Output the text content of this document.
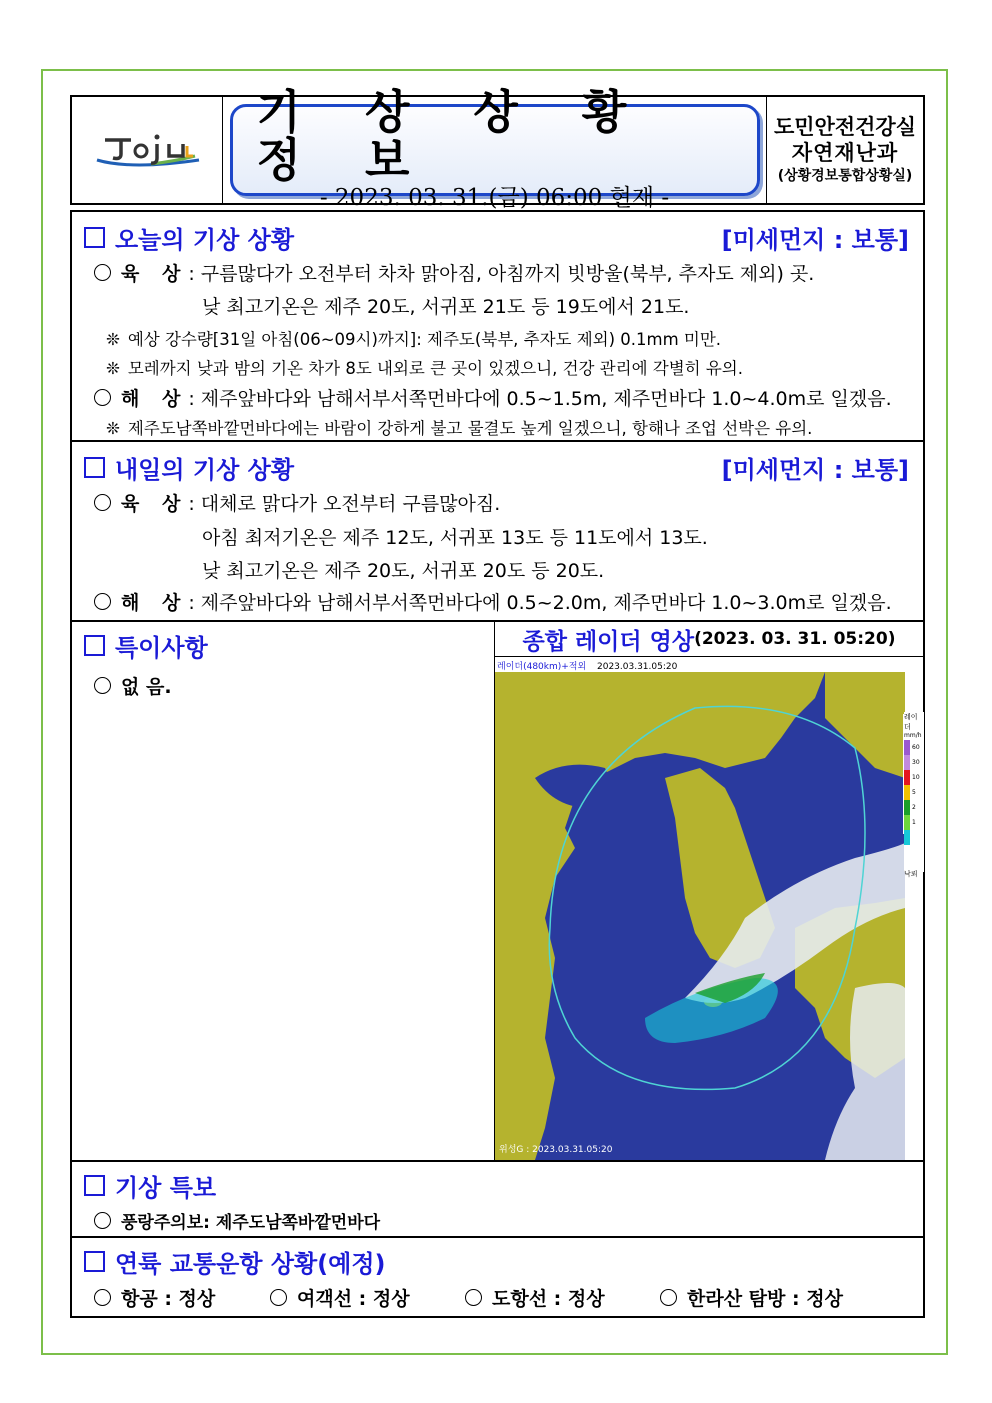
기 상 상 황 정 보
- 2023. 03. 31.(금) 06:00 현재 -
도민안전건강실
자연재난과
(상황경보통합상황실)
오늘의 기상 상황	[미세먼지 : 보통]
육 상: 구름많다가 오전부터 차차 맑아짐, 아침까지 빗방울(북부, 추자도 제외) 곳.
낮 최고기온은 제주 20도, 서귀포 21도 등 19도에서 21도.
❊ 예상 강수량[31일 아침(06~09시)까지]: 제주도(북부, 추자도 제외) 0.1mm 미만.
❊ 모레까지 낮과 밤의 기온 차가 8도 내외로 큰 곳이 있겠으니, 건강 관리에 각별히 유의.
해 상: 제주앞바다와 남해서부서쪽먼바다에 0.5~1.5m, 제주먼바다 1.0~4.0m로 일겠음.
❊ 제주도남쪽바깥먼바다에는 바람이 강하게 불고 물결도 높게 일겠으니, 항해나 조업 선박은 유의.
내일의 기상 상황	[미세먼지 : 보통]
육 상: 대체로 맑다가 오전부터 구름많아짐.
아침 최저기온은 제주 12도, 서귀포 13도 등 11도에서 13도.
낮 최고기온은 제주 20도, 서귀포 20도 등 20도.
해 상: 제주앞바다와 남해서부서쪽먼바다에 0.5~2.0m, 제주먼바다 1.0~3.0m로 일겠음.
특이사항
없 음.
종합 레이더 영상 (2023. 03. 31. 05:20)
레이더(480km)+적외 2023.03.31.05:20
위성G : 2023.03.31.05:20
레이더
mm/h
60
30
10
5
2
1
낙뢰
기상 특보
풍랑주의보: 제주도남쪽바깥먼바다
연륙 교통운항 상황(예정)
항공 : 정상	여객선 : 정상	도항선 : 정상	한라산 탐방 : 정상
